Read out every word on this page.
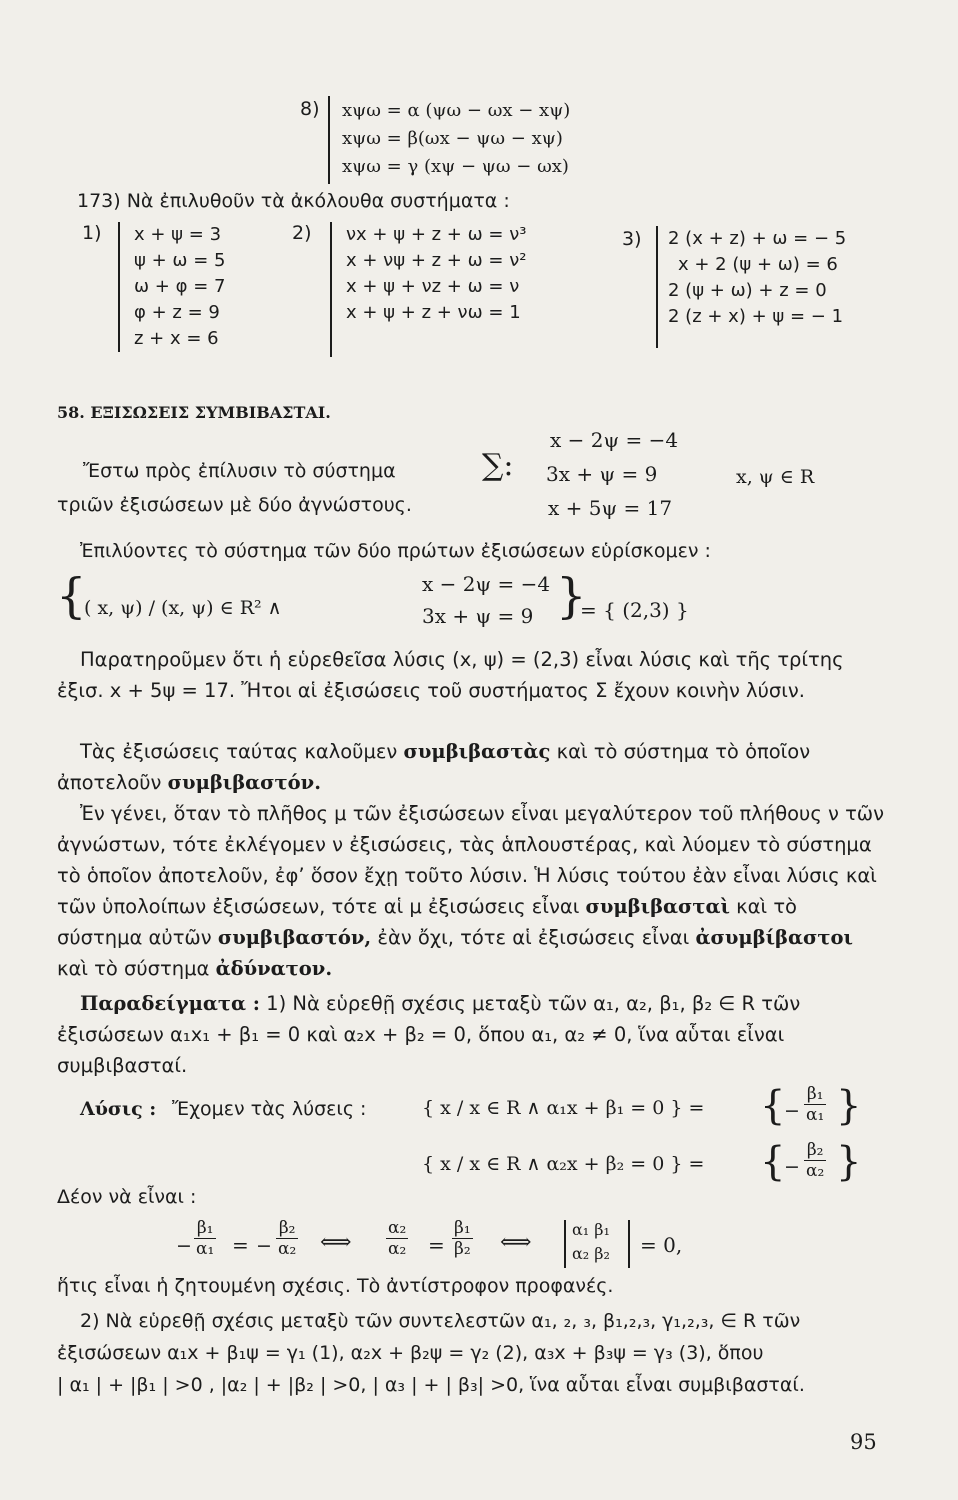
8) xψω = α (ψω − ωx − xψ)
xψω = β(ωx − ψω − xψ)
xψω = γ (xψ − ψω − ωx)
173) Νὰ ἐπιλυθοῦν τὰ ἀκόλουθα συστήματα :
1) x + ψ = 3
ψ + ω = 5
ω + φ = 7
φ + z = 9
z + x = 6
2) νx + ψ + z + ω = ν³
x + νψ + z + ω = ν²
x + ψ + νz + ω = ν
x + ψ + z + νω = 1
3) 2 (x + z) + ω = − 5
x + 2 (ψ + ω) = 6
2 (ψ + ω) + z = 0
2 (z + x) + ψ = − 1
58. ΕΞΙΣΩΣΕΙΣ ΣΥΜΒΙΒΑΣΤΑΙ.
x − 2ψ = −4
Ἔστω πρὸς ἐπίλυσιν τὸ σύστημα	∑: 3x + ψ = 9	x, ψ ∈ R
τριῶν ἐξισώσεων μὲ δύο ἀγνώστους.	x + 5ψ = 17
Ἐπιλύοντες τὸ σύστημα τῶν δύο πρώτων ἐξισώσεων εὑρίσκομεν :
{
( x, ψ) / (x, ψ) ∈ R² ∧
x − 2ψ = −4
3x + ψ = 9 }
= { (2,3) }
Παρατηροῦμεν ὅτι ἡ εὑρεθεῖσα λύσις (x, ψ) = (2,3) εἶναι λύσις καὶ τῆς τρίτης ἐξισ. x + 5ψ = 17. Ἤτοι αἱ ἐξισώσεις τοῦ συστήματος Σ ἔχουν κοινὴν λύσιν.
Τὰς ἐξισώσεις ταύτας καλοῦμεν συμβιβαστὰς καὶ τὸ σύστημα τὸ ὁποῖον ἀποτελοῦν συμβιβαστόν.
Ἐν γένει, ὅταν τὸ πλῆθος μ τῶν ἐξισώσεων εἶναι μεγαλύτερον τοῦ πλήθους ν τῶν ἀγνώστων, τότε ἐκλέγομεν ν ἐξισώσεις, τὰς ἁπλουστέρας, καὶ λύομεν τὸ σύστημα τὸ ὁποῖον ἀποτελοῦν, ἐφ’ ὅσον ἔχῃ τοῦτο λύσιν. Ἡ λύσις τούτου ἐὰν εἶναι λύσις καὶ τῶν ὑπολοίπων ἐξισώσεων, τότε αἱ μ ἐξισώσεις εἶναι συμβιβασταὶ καὶ τὸ σύστημα αὐτῶν συμβιβαστόν, ἐὰν ὄχι, τότε αἱ ἐξισώσεις εἶναι ἀσυμβίβαστοι καὶ τὸ σύστημα ἀδύνατον.
Παραδείγματα : 1) Νὰ εὑρεθῇ σχέσις μεταξὺ τῶν α₁, α₂, β₁, β₂ ∈ R τῶν ἐξισώσεων α₁x₁ + β₁ = 0 καὶ α₂x + β₂ = 0, ὅπου α₁, α₂ ≠ 0, ἵνα αὗται εἶναι συμβιβασταί.
Λύσις : Ἔχομεν τὰς λύσεις :	{ x / x ∈ R ∧ α₁x + β₁ = 0 } = {
− $\frac{\text{β₁}}{\text{α₁}}$ }
{ x / x ∈ R ∧ α₂x + β₂ = 0 } = {
− $\frac{\text{β₂}}{\text{α₂}}$ }
Δέον νὰ εἶναι :
− $\frac{\text{β₁}}{\text{α₁}}$ = − $\frac{\text{β₂}}{\text{α₂}}$ ⟺ $\frac{\text{α₂}}{\text{α₂}} = \frac{\text{β₁}}{\text{β₂}}$ ⟺
α₁ β₁
α₂ β₂ = 0,
ἥτις εἶναι ἡ ζητουμένη σχέσις. Τὸ ἀντίστροφον προφανές.
2) Νὰ εὑρεθῇ σχέσις μεταξὺ τῶν συντελεστῶν α₁, ₂, ₃, β₁,₂,₃, γ₁,₂,₃, ∈ R τῶν
ἐξισώσεων α₁x + β₁ψ = γ₁ (1), α₂x + β₂ψ = γ₂ (2), α₃x + β₃ψ = γ₃ (3), ὅπου
| α₁ | + |β₁ | >0 , |α₂ | + |β₂ | >0, | α₃ | + | β₃| >0, ἵνα αὗται εἶναι συμβιβασταί.
95
